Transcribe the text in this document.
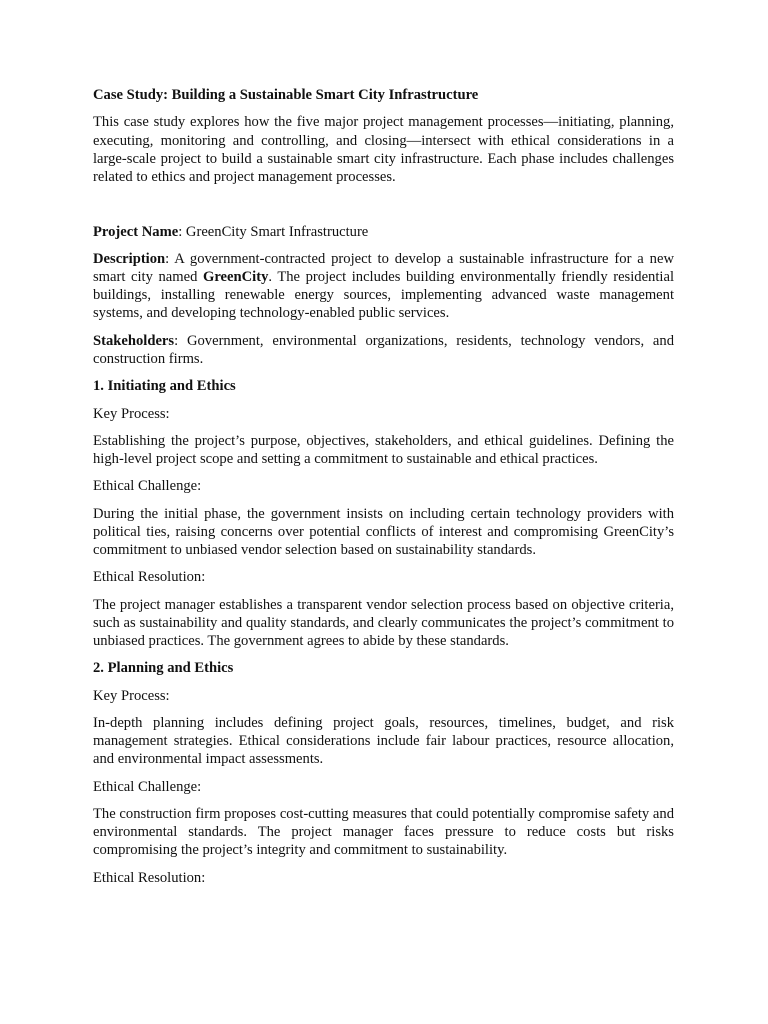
Case Study: Building a Sustainable Smart City Infrastructure

This case study explores how the five major project management processes—initiating, planning, executing, monitoring and controlling, and closing—intersect with ethical considerations in a large-scale project to build a sustainable smart city infrastructure. Each phase includes challenges related to ethics and project management processes.

Project Name: GreenCity Smart Infrastructure

Description: A government-contracted project to develop a sustainable infrastructure for a new smart city named GreenCity. The project includes building environmentally friendly residential buildings, installing renewable energy sources, implementing advanced waste management systems, and developing technology-enabled public services.

Stakeholders: Government, environmental organizations, residents, technology vendors, and construction firms.

1. Initiating and Ethics

Key Process:

Establishing the project’s purpose, objectives, stakeholders, and ethical guidelines. Defining the high-level project scope and setting a commitment to sustainable and ethical practices.

Ethical Challenge:

During the initial phase, the government insists on including certain technology providers with political ties, raising concerns over potential conflicts of interest and compromising GreenCity’s commitment to unbiased vendor selection based on sustainability standards.

Ethical Resolution:

The project manager establishes a transparent vendor selection process based on objective criteria, such as sustainability and quality standards, and clearly communicates the project’s commitment to unbiased practices. The government agrees to abide by these standards.

2. Planning and Ethics

Key Process:

In-depth planning includes defining project goals, resources, timelines, budget, and risk management strategies. Ethical considerations include fair labour practices, resource allocation, and environmental impact assessments.

Ethical Challenge:

The construction firm proposes cost-cutting measures that could potentially compromise safety and environmental standards. The project manager faces pressure to reduce costs but risks compromising the project’s integrity and commitment to sustainability.

Ethical Resolution:
